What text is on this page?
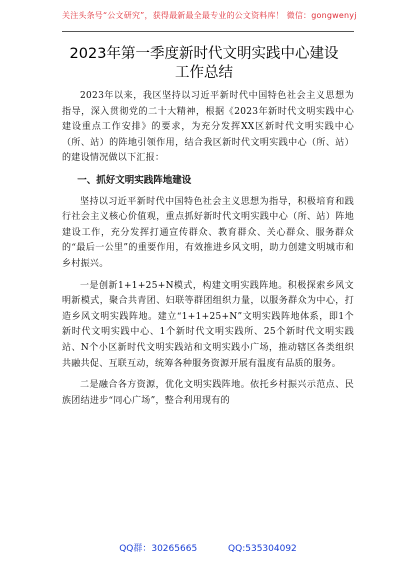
关注头条号“公文研究”，获得最新最全最专业的公文资料库！ 微信：gongwenyj
2023年第一季度新时代文明实践中心建设
工作总结

2023年以来，我区坚持以习近平新时代中国特色社会主义思想为指导，深入贯彻党的二十大精神，根据《2023年新时代文明实践中心建设重点工作安排》的要求，为充分发挥XX区新时代文明实践中心（所、站）的阵地引领作用，结合我区新时代文明实践中心（所、站）的建设情况做以下汇报：

一、抓好文明实践阵地建设

坚持以习近平新时代中国特色社会主义思想为指导，积极培育和践行社会主义核心价值观，重点抓好新时代文明实践中心（所、站）阵地建设工作，充分发挥打通宣传群众、教育群众、关心群众、服务群众的“最后一公里”的重要作用，有效推进乡风文明，助力创建文明城市和乡村振兴。

一是创新1+1+25+N模式，构建文明实践阵地。积极探索乡风文明新模式，聚合共青团、妇联等群团组织力量，以服务群众为中心，打造乡风文明实践阵地。建立“1+1+25+N”文明实践阵地体系，即1个新时代文明实践中心、1个新时代文明实践所、25个新时代文明实践站、N个小区新时代文明实践站和文明实践小广场，推动辖区各类组织共融共促、互联互动，统筹各种服务资源开展有温度有品质的服务。

二是融合各方资源，优化文明实践阵地。依托乡村振兴示范点、民族团结进步“同心广场”，整合利用现有的

QQ群：30265665	QQ:535304092
